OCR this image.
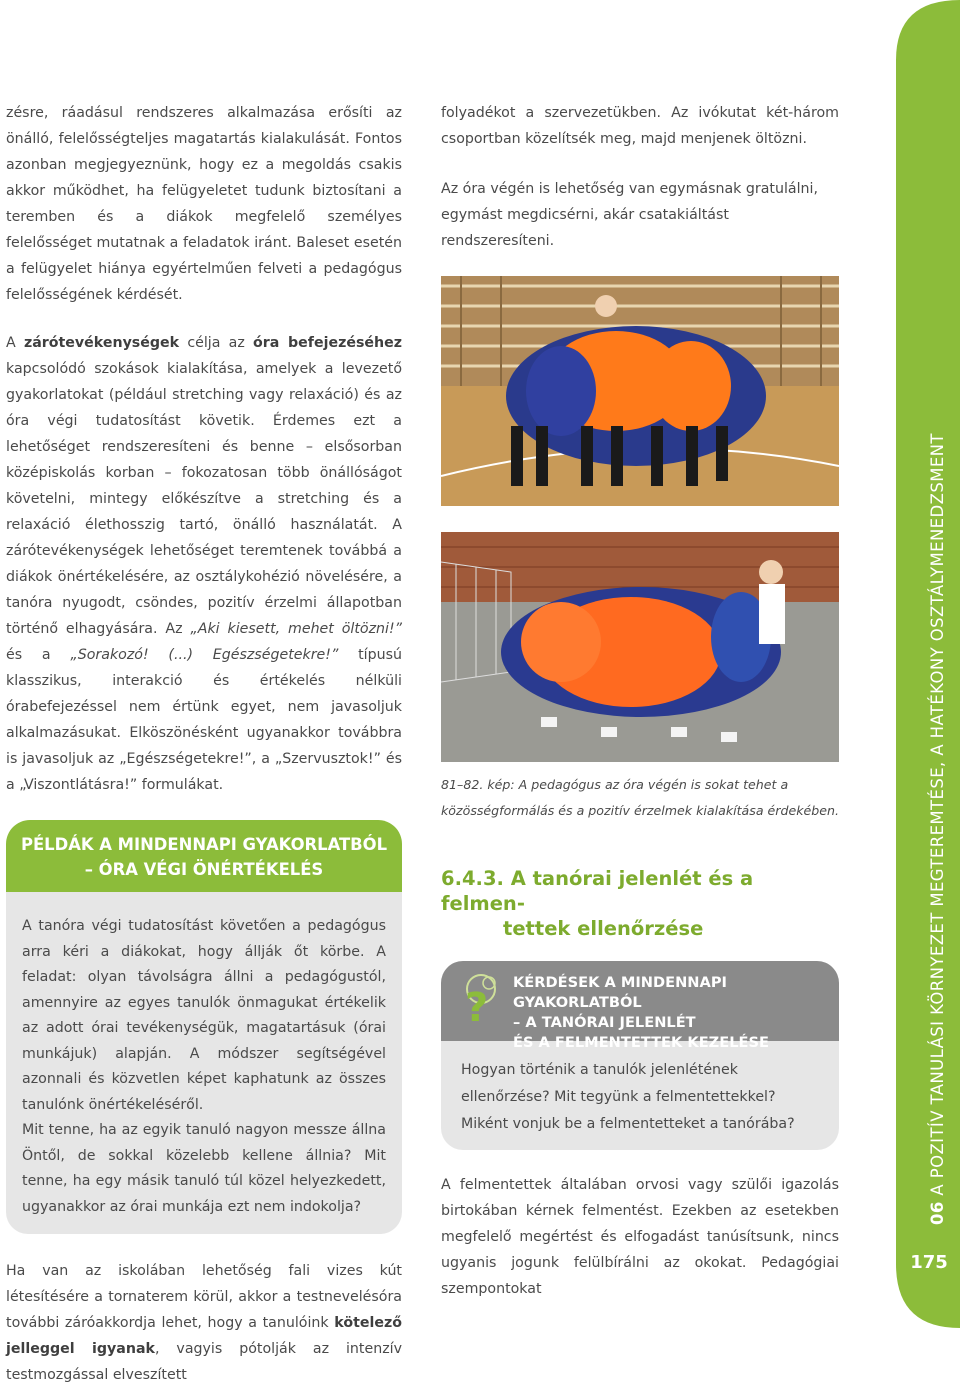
06 A POZITÍV TANULÁSI KÖRNYEZET MEGTEREMTÉSE, A HATÉKONY OSZTÁLYMENEDZSMENT
175

zésre, ráadásul rendszeres alkalmazása erősíti az önálló, felelősségteljes magatartás kialakulását. Fontos azonban megjegyeznünk, hogy ez a megoldás csakis akkor működhet, ha felügyeletet tudunk biztosítani a teremben és a diákok megfelelő személyes felelősséget mutatnak a feladatok iránt. Baleset esetén a felügyelet hiánya egyértelműen felveti a pedagógus felelősségének kérdését.

A zárótevékenységek célja az óra befejezéséhez kapcsolódó szokások kialakítása, amelyek a levezető gyakorlatokat (például stretching vagy relaxáció) és az óra végi tudatosítást követik. Érdemes ezt a lehetőséget rendszeresíteni és benne – elsősorban középiskolás korban – fokozatosan több önállóságot követelni, mintegy előkészítve a stretching és a relaxáció élethosszig tartó, önálló használatát. A zárótevékenységek lehetőséget teremtenek továbbá a diákok önértékelésére, az osztálykohézió növelésére, a tanóra nyugodt, csöndes, pozitív érzelmi állapotban történő elhagyására. Az „Aki kiesett, mehet öltözni!” és a „Sorakozó! (...) Egészségetekre!” típusú klasszikus, interakció és értékelés nélküli órabefejezéssel nem értünk egyet, nem javasoljuk alkalmazásukat. Elköszönésként ugyanakkor továbbra is javasoljuk az „Egészségetekre!”, a „Szervusztok!” és a „Viszontlátásra!” formulákat.

PÉLDÁK A MINDENNAPI GYAKORLATBÓL
– ÓRA VÉGI ÖNÉRTÉKELÉS

A tanóra végi tudatosítást követően a pedagógus arra kéri a diákokat, hogy állják őt körbe. A feladat: olyan távolságra állni a pedagógustól, amennyire az egyes tanulók önmagukat értékelik az adott órai tevékenységük, magatartásuk (órai munkájuk) alapján. A módszer segítségével azonnali és közvetlen képet kaphatunk az összes tanulónk önértékeléséről.

Mit tenne, ha az egyik tanuló nagyon messze állna Öntől, de sokkal közelebb kellene állnia? Mit tenne, ha egy másik tanuló túl közel helyezkedett, ugyanakkor az órai munkája ezt nem indokolja?

Ha van az iskolában lehetőség fali vizes kút létesítésére a tornaterem körül, akkor a testnevelésóra további záróakkordja lehet, hogy a tanulóink kötelező jelleggel igyanak, vagyis pótolják az intenzív testmozgással elveszített

folyadékot a szervezetükben. Az ivókutat két-három csoportban közelítsék meg, majd menjenek öltözni.

Az óra végén is lehetőség van egymásnak gratulálni, egymást megdicsérni, akár csatakiáltást rendszeresíteni.

81–82. kép: A pedagógus az óra végén is sokat tehet a közösségformálás és a pozitív érzelmek kialakítása érdekében.

6.4.3. A tanórai jelenlét és a felmen-
tettek ellenőrzése
?
KÉRDÉSEK A MINDENNAPI GYAKORLATBÓL
– A TANÓRAI JELENLÉT
ÉS A FELMENTETTEK KEZELÉSE

Hogyan történik a tanulók jelenlétének ellenőrzése? Mit tegyünk a felmentettekkel? Miként vonjuk be a felmentetteket a tanórába?

A felmentettek általában orvosi vagy szülői igazolás birtokában kérnek felmentést. Ezekben az esetekben megfelelő megértést és elfogadást tanúsítsunk, nincs ugyanis jogunk felülbírálni az okokat. Pedagógiai szempontokat
